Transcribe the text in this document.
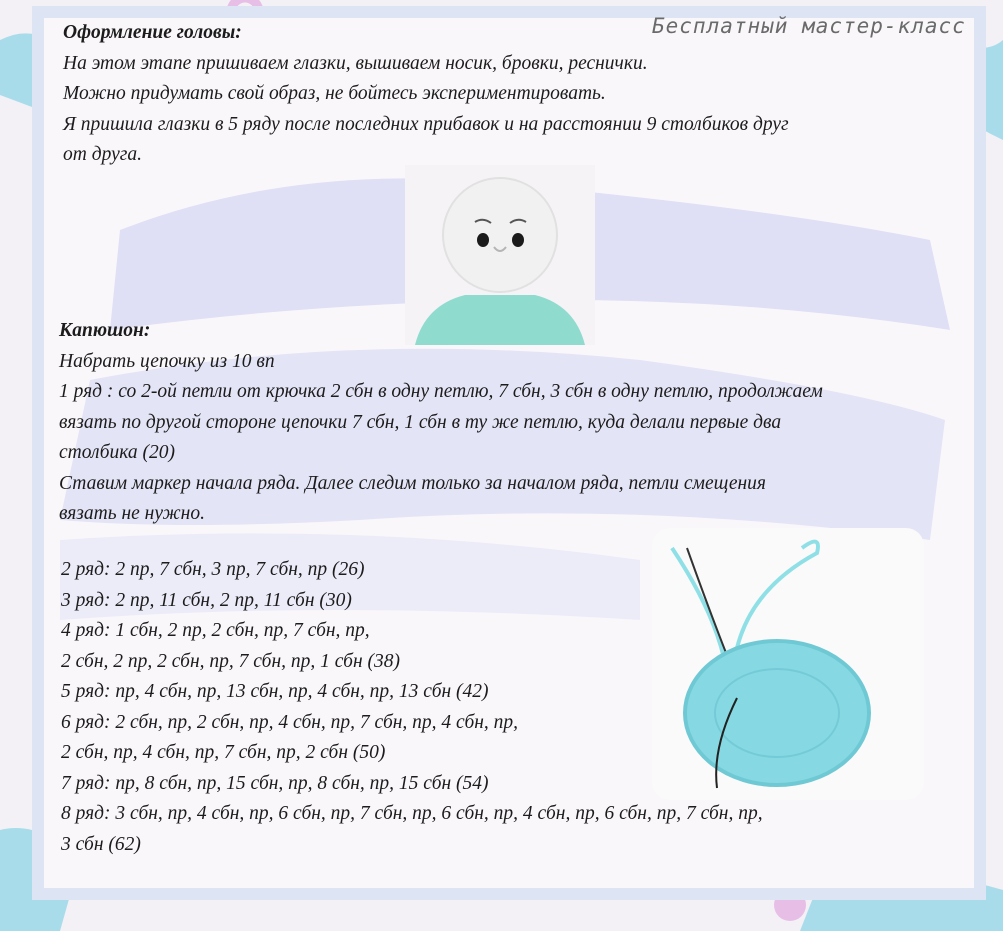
Бесплатный мастер-класс

Оформление головы:

На этом этапе пришиваем глазки, вышиваем носик, бровки, реснички.

Можно придумать свой образ, не бойтесь экспериментировать.

Я пришила глазки в 5 ряду после последних прибавок и на расстоянии 9 столбиков друг

от друга.

Капюшон:

Набрать цепочку из 10 вп

1 ряд : со 2-ой петли от крючка 2 сбн в одну петлю, 7 сбн, 3 сбн в одну петлю, продолжаем

вязать по другой стороне цепочки 7 сбн, 1 сбн в ту же петлю, куда делали первые два

столбика (20)

Ставим маркер начала ряда. Далее следим только за началом ряда, петли смещения

вязать не нужно.

2 ряд: 2 пр, 7 сбн, 3 пр, 7 сбн, пр (26)

3 ряд: 2 пр, 11 сбн, 2 пр, 11 сбн (30)

4 ряд: 1 сбн, 2 пр, 2 сбн, пр, 7 сбн, пр,

2 сбн, 2 пр, 2 сбн, пр, 7 сбн, пр, 1 сбн (38)

5 ряд: пр, 4 сбн, пр, 13 сбн, пр, 4 сбн, пр, 13 сбн (42)

6 ряд: 2 сбн, пр, 2 сбн, пр, 4 сбн, пр, 7 сбн, пр, 4 сбн, пр,

2 сбн, пр, 4 сбн, пр, 7 сбн, пр, 2 сбн (50)

7 ряд: пр, 8 сбн, пр, 15 сбн, пр, 8 сбн, пр, 15 сбн (54)

8 ряд: 3 сбн, пр, 4 сбн, пр, 6 сбн, пр, 7 сбн, пр, 6 сбн, пр, 4 сбн, пр, 6 сбн, пр, 7 сбн, пр,

3 сбн (62)
